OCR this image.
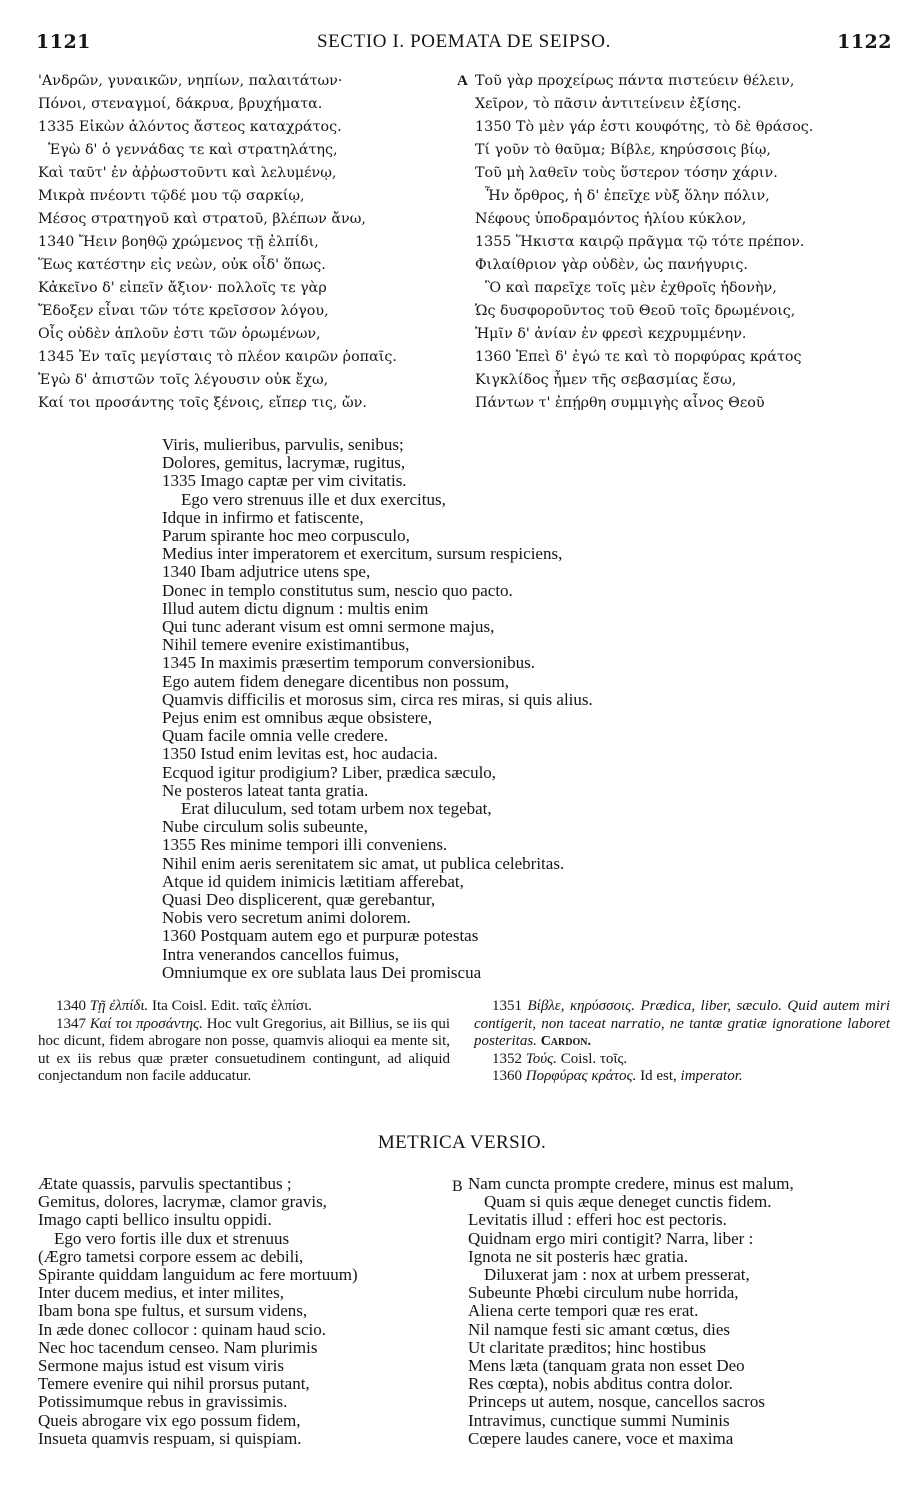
1121	SECTIO I. POEMATA DE SEIPSO.	1122
'Ανδρῶν, γυναικῶν, νηπίων, παλαιτάτων·
Πόνοι, στεναγμοί, δάκρυα, βρυχήματα.
1335 Εἰκὼν ἁλόντος ἄστεος καταχράτος.
Ἐγὼ δ' ὁ γεννάδας τε καὶ στρατηλάτης,
Καὶ ταῦτ' ἐν ἀῤῥωστοῦντι καὶ λελυμένῳ,
Μικρὰ πνέοντι τῷδέ μου τῷ σαρκίῳ,
Μέσος στρατηγοῦ καὶ στρατοῦ, βλέπων ἄνω,
1340 Ἤειν βοηθῷ χρώμενος τῇ ἐλπίδι,
Ἕως κατέστην εἰς νεὼν, οὐκ οἶδ' ὅπως.
Κἀκεῖνο δ' εἰπεῖν ἄξιον· πολλοῖς τε γὰρ
Ἔδοξεν εἶναι τῶν τότε κρεῖσσον λόγου,
Οἷς οὐδὲν ἁπλοῦν ἐστι τῶν ὁρωμένων,
1345 Ἐν ταῖς μεγίσταις τὸ πλέον καιρῶν ῥοπαῖς.
Ἐγὼ δ' ἀπιστῶν τοῖς λέγουσιν οὐκ ἔχω,
Καί τοι προσάντης τοῖς ξένοις, εἴπερ τις, ὤν.
A Τοῦ γὰρ προχείρως πάντα πιστεύειν θέλειν,
Χεῖρον, τὸ πᾶσιν ἀντιτείνειν ἐξίσης.
1350 Τὸ μὲν γάρ ἐστι κουφότης, τὸ δὲ θράσος.
Τί γοῦν τὸ θαῦμα; Βίβλε, κηρύσσοις βίῳ,
Τοῦ μὴ λαθεῖν τοὺς ὕστερον τόσην χάριν.
Ἦν ὄρθρος, ἡ δ' ἐπεῖχε νὺξ ὅλην πόλιν,
Νέφους ὑποδραμόντος ἡλίου κύκλον,
1355 Ἥκιστα καιρῷ πρᾶγμα τῷ τότε πρέπον.
Φιλαίθριον γὰρ οὐδὲν, ὡς πανήγυρις.
Ὃ καὶ παρεῖχε τοῖς μὲν ἐχθροῖς ἡδονὴν,
Ὡς δυσφοροῦντος τοῦ Θεοῦ τοῖς δρωμένοις,
Ἡμῖν δ' ἀνίαν ἐν φρεσὶ κεχρυμμένην.
1360 Ἐπεὶ δ' ἐγώ τε καὶ τὸ πορφύρας κράτος
Κιγκλίδος ἦμεν τῆς σεβασμίας ἔσω,
Πάντων τ' ἐπῄρθη συμμιγὴς αἶνος Θεοῦ
Viris, mulieribus, parvulis, senibus;
Dolores, gemitus, lacrymæ, rugitus,
1335 Imago captæ per vim civitatis.
Ego vero strenuus ille et dux exercitus,
Idque in infirmo et fatiscente,
Parum spirante hoc meo corpusculo,
Medius inter imperatorem et exercitum, sursum respiciens,
1340 Ibam adjutrice utens spe,
Donec in templo constitutus sum, nescio quo pacto.
Illud autem dictu dignum : multis enim
Qui tunc aderant visum est omni sermone majus,
Nihil temere evenire existimantibus,
1345 In maximis præsertim temporum conversionibus.
Ego autem fidem denegare dicentibus non possum,
Quamvis difficilis et morosus sim, circa res miras, si quis alius.
Pejus enim est omnibus æque obsistere,
Quam facile omnia velle credere.
1350 Istud enim levitas est, hoc audacia.
Ecquod igitur prodigium? Liber, prædica sæculo,
Ne posteros lateat tanta gratia.
Erat diluculum, sed totam urbem nox tegebat,
Nube circulum solis subeunte,
1355 Res minime tempori illi conveniens.
Nihil enim aeris serenitatem sic amat, ut publica celebritas.
Atque id quidem inimicis lætitiam afferebat,
Quasi Deo displicerent, quæ gerebantur,
Nobis vero secretum animi dolorem.
1360 Postquam autem ego et purpuræ potestas
Intra venerandos cancellos fuimus,
Omniumque ex ore sublata laus Dei promiscua
1340 Τῇ ἐλπίδι. Ita Coisl. Edit. ταῖς ἐλπίσι.
1347 Καί τοι προσάντης. Hoc vult Gregorius, ait Billius, se iis qui hoc dicunt, fidem abrogare non posse, quamvis alioqui ea mente sit, ut ex iis rebus quæ præter consuetudinem contingunt, ad aliquid conjectandum non facile adducatur.
1351 Βίβλε, κηρύσσοις. Prædica, liber, sæculo. Quid autem miri contigerit, non taceat narratio, ne tantæ gratiæ ignoratione laboret posteritas. Cardon.
1352 Τούς. Coisl. τοῖς.
1360 Πορφύρας κράτος. Id est, imperator.
METRICA VERSIO.
Ætate quassis, parvulis spectantibus ;
Gemitus, dolores, lacrymæ, clamor gravis,
Imago capti bellico insultu oppidi.
Ego vero fortis ille dux et strenuus
(Ægro tametsi corpore essem ac debili,
Spirante quiddam languidum ac fere mortuum)
Inter ducem medius, et inter milites,
Ibam bona spe fultus, et sursum videns,
In æde donec collocor : quinam haud scio.
Nec hoc tacendum censeo. Nam plurimis
Sermone majus istud est visum viris
Temere evenire qui nihil prorsus putant,
Potissimumque rebus in gravissimis.
Queis abrogare vix ego possum fidem,
Insueta quamvis respuam, si quispiam.
B Nam cuncta prompte credere, minus est malum,
Quam si quis æque deneget cunctis fidem.
Levitatis illud : efferi hoc est pectoris.
Quidnam ergo miri contigit? Narra, liber :
Ignota ne sit posteris hæc gratia.
Diluxerat jam : nox at urbem presserat,
Subeunte Phœbi circulum nube horrida,
Aliena certe tempori quæ res erat.
Nil namque festi sic amant cœtus, dies
Ut claritate præditos; hinc hostibus
Mens læta (tanquam grata non esset Deo
Res cœpta), nobis abditus contra dolor.
Princeps ut autem, nosque, cancellos sacros
Intravimus, cunctique summi Numinis
Cœpere laudes canere, voce et maxima
